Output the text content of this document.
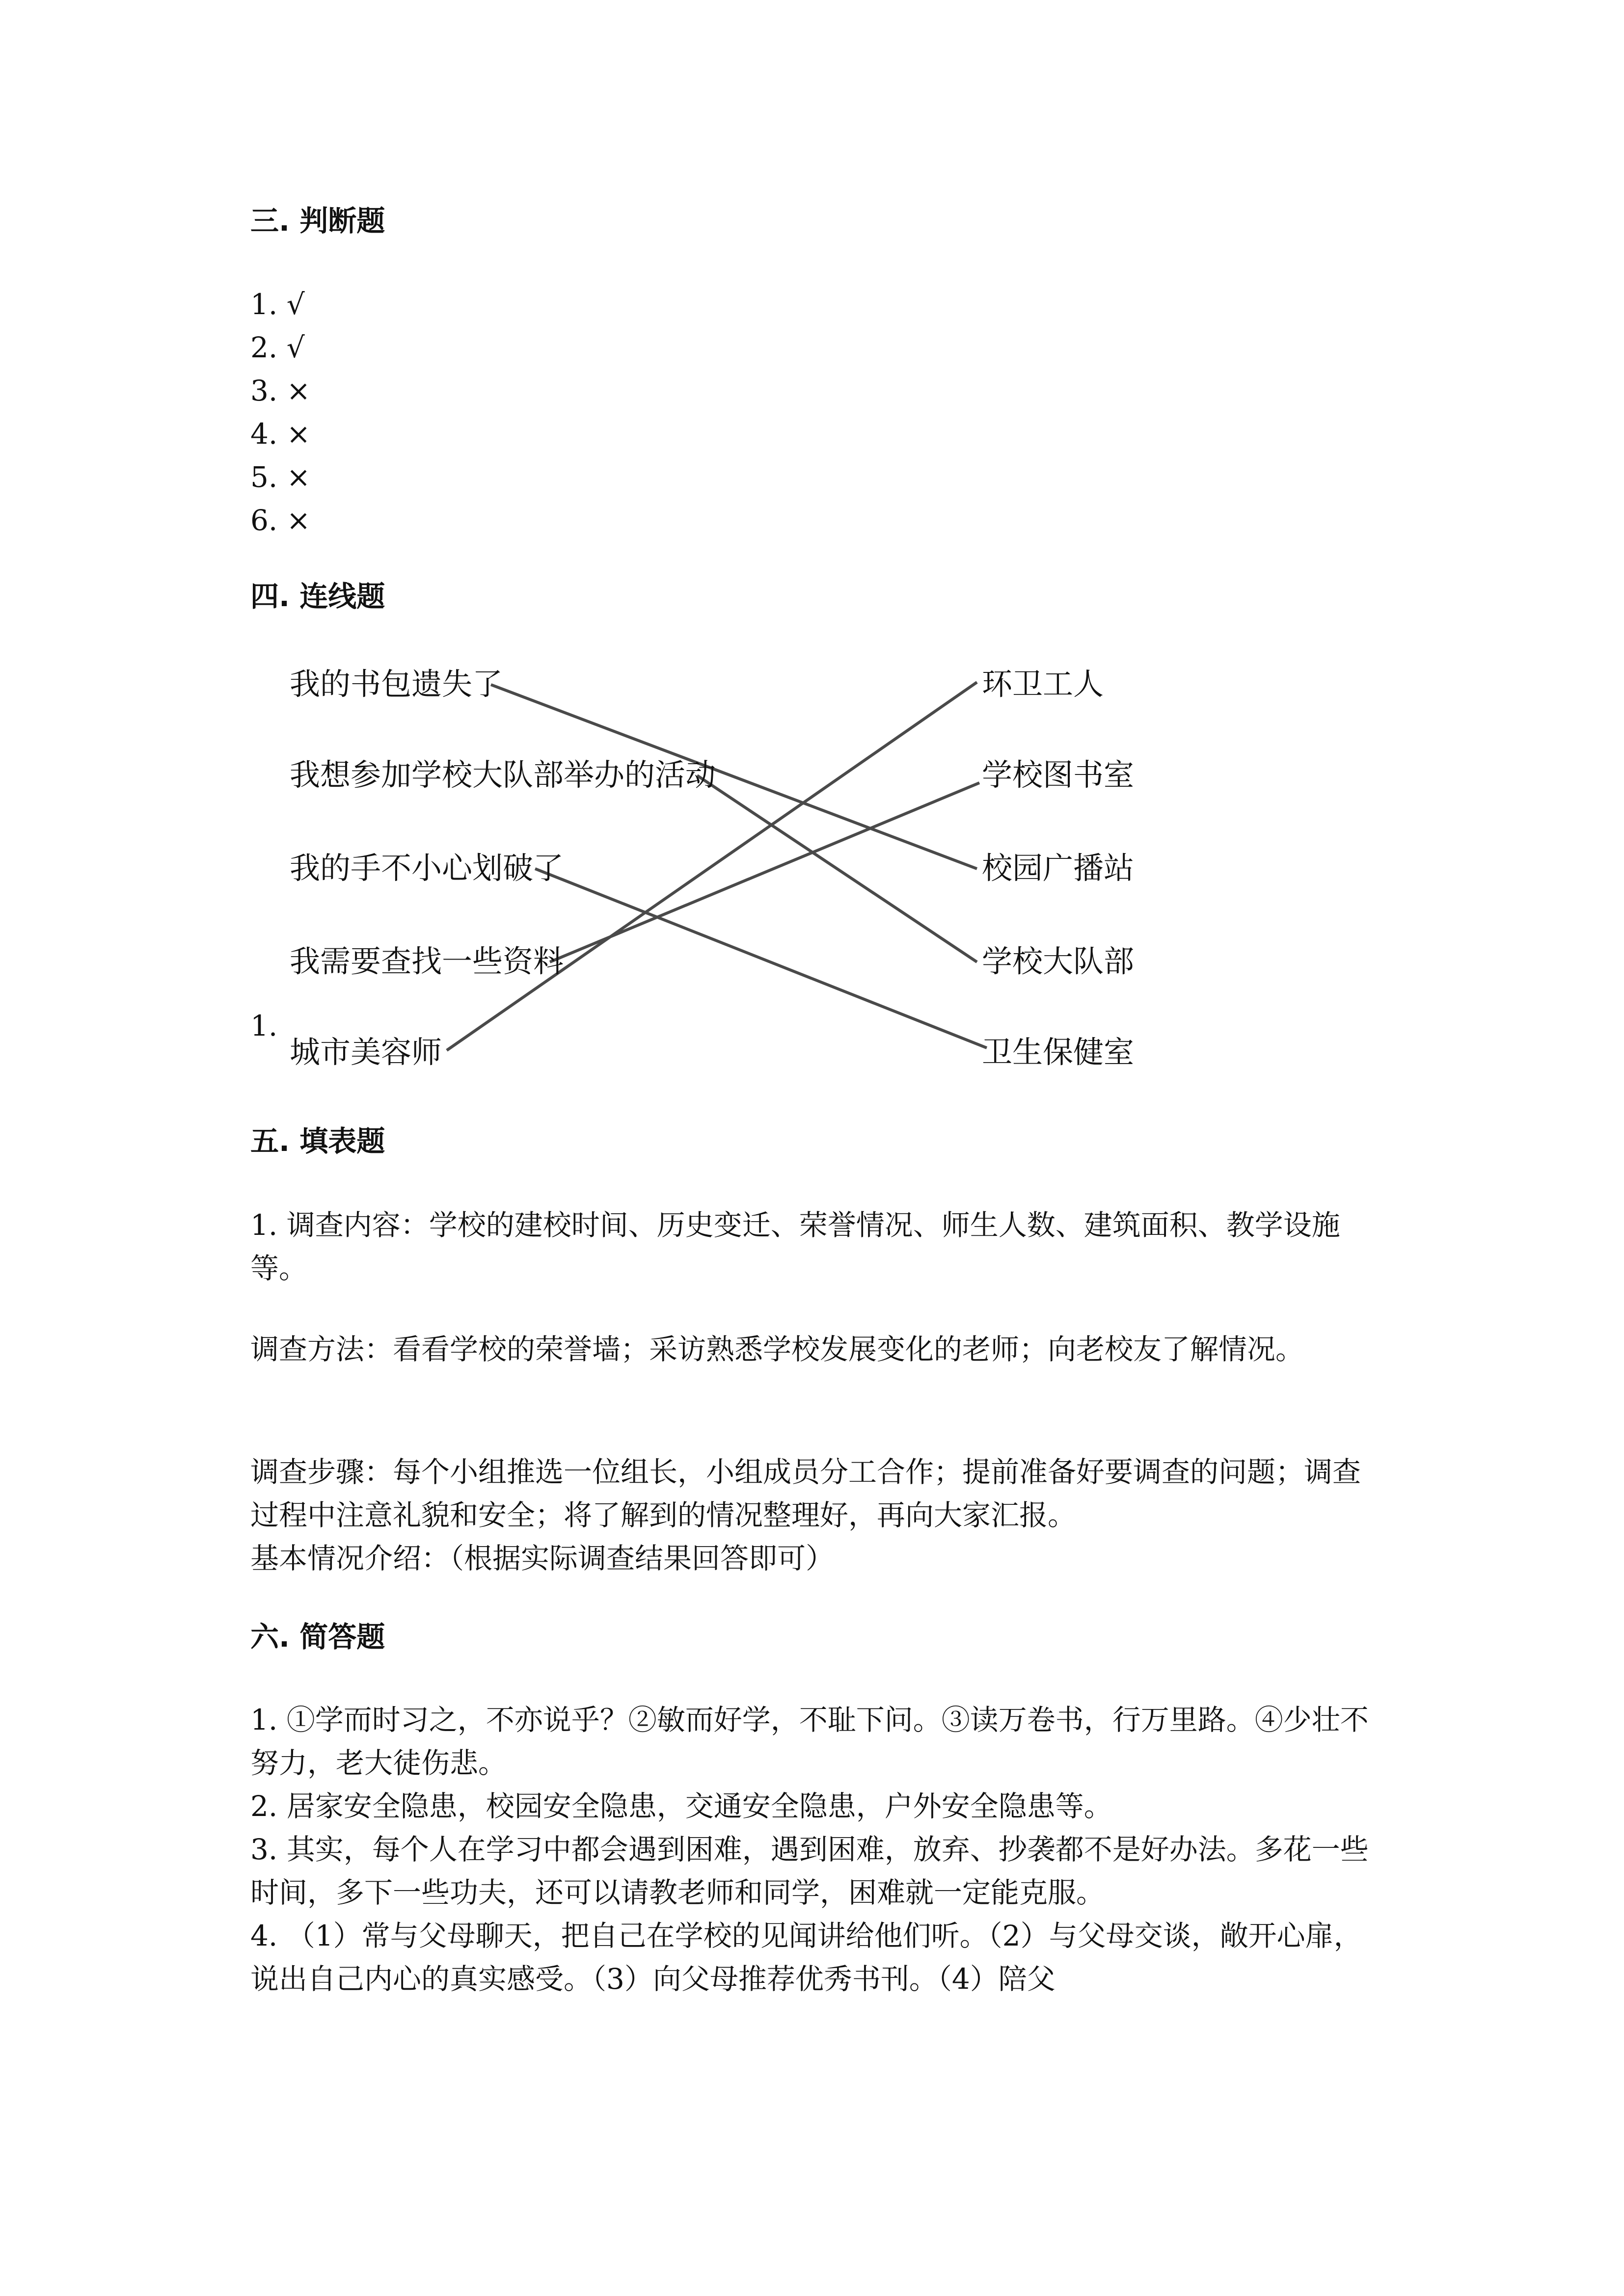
三. 判断题
1. √
2. √
3. ×
4. ×
5. ×
6. ×
四. 连线题
1.
我的书包遗失了
我想参加学校大队部举办的活动
我的手不小心划破了
我需要查找一些资料
城市美容师
环卫工人
学校图书室
校园广播站
学校大队部
卫生保健室
五. 填表题

1. 调查内容：学校的建校时间、历史变迁、荣誉情况、师生人数、建筑面积、教学设施等。

调查方法：看看学校的荣誉墙；采访熟悉学校发展变化的老师；向老校友了解情况。

调查步骤：每个小组推选一位组长，小组成员分工合作；提前准备好要调查的问题；调查过程中注意礼貌和安全；将了解到的情况整理好，再向大家汇报。

基本情况介绍：（根据实际调查结果回答即可）

六. 简答题

1. ①学而时习之，不亦说乎？②敏而好学，不耻下问。③读万卷书，行万里路。④少壮不努力，老大徒伤悲。

2. 居家安全隐患，校园安全隐患，交通安全隐患，户外安全隐患等。

3. 其实，每个人在学习中都会遇到困难，遇到困难，放弃、抄袭都不是好办法。多花一些时间，多下一些功夫，还可以请教老师和同学，困难就一定能克服。

4. （1）常与父母聊天，把自己在学校的见闻讲给他们听。（2）与父母交谈，敞开心扉，说出自己内心的真实感受。（3）向父母推荐优秀书刊。（4）陪父
